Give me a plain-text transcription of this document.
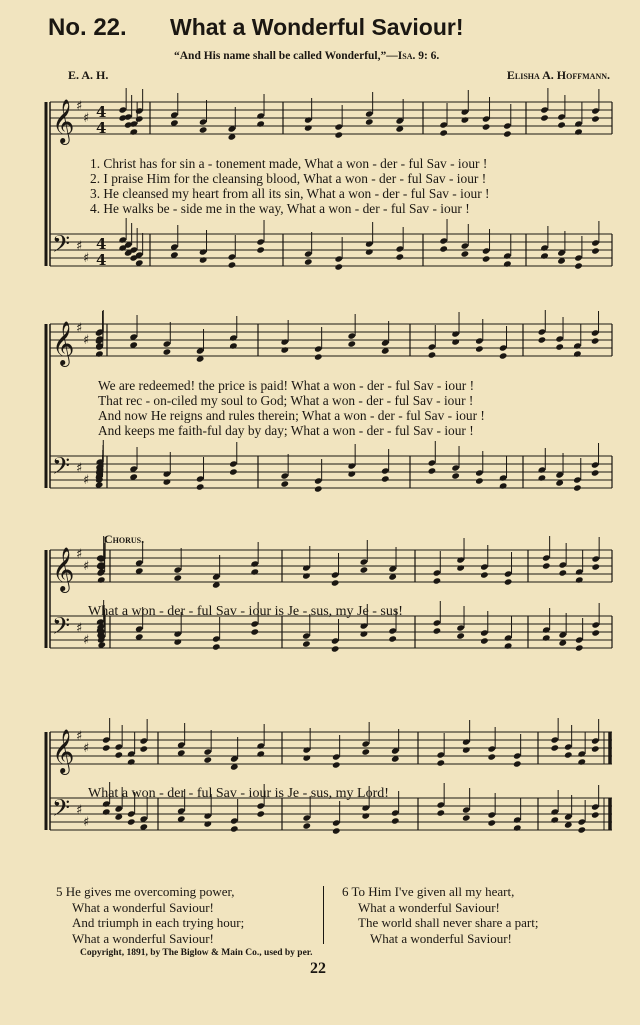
No. 22. What a Wonderful Saviour!
“And His name shall be called Wonderful,”—Isa. 9: 6.
E. A. H.	Elisha A. Hoffmann.
𝄞 ♯
♯ 4
4
𝄢 ♯
♯
4
4
1. Christ has for sin a - tonement made, What a won - der - ful Sav - iour !
2. I praise Him for the cleansing blood, What a won - der - ful Sav - iour !
3. He cleansed my heart from all its sin, What a won - der - ful Sav - iour !
4. He walks be - side me in the way, What a won - der - ful Sav - iour !
𝄞 ♯
♯
𝄢 ♯
♯
We are redeemed! the price is paid! What a won - der - ful Sav - iour !
That rec - on-ciled my soul to God; What a won - der - ful Sav - iour !
And now He reigns and rules therein; What a won - der - ful Sav - iour !
And keeps me faith-ful day by day; What a won - der - ful Sav - iour !
Chorus.
𝄞 ♯
♯
𝄢 ♯
♯
What a won - der - ful Sav - iour is Je - sus, my Je - sus!
𝄞 ♯
♯
𝄢 ♯
♯
What a won - der - ful Sav - iour is Je - sus, my Lord!
5 He gives me overcoming power,
What a wonderful Saviour!
And triumph in each trying hour;
What a wonderful Saviour!
6 To Him I've given all my heart,
What a wonderful Saviour!
The world shall never share a part;
What a wonderful Saviour!
Copyright, 1891, by The Biglow & Main Co., used by per.
22
